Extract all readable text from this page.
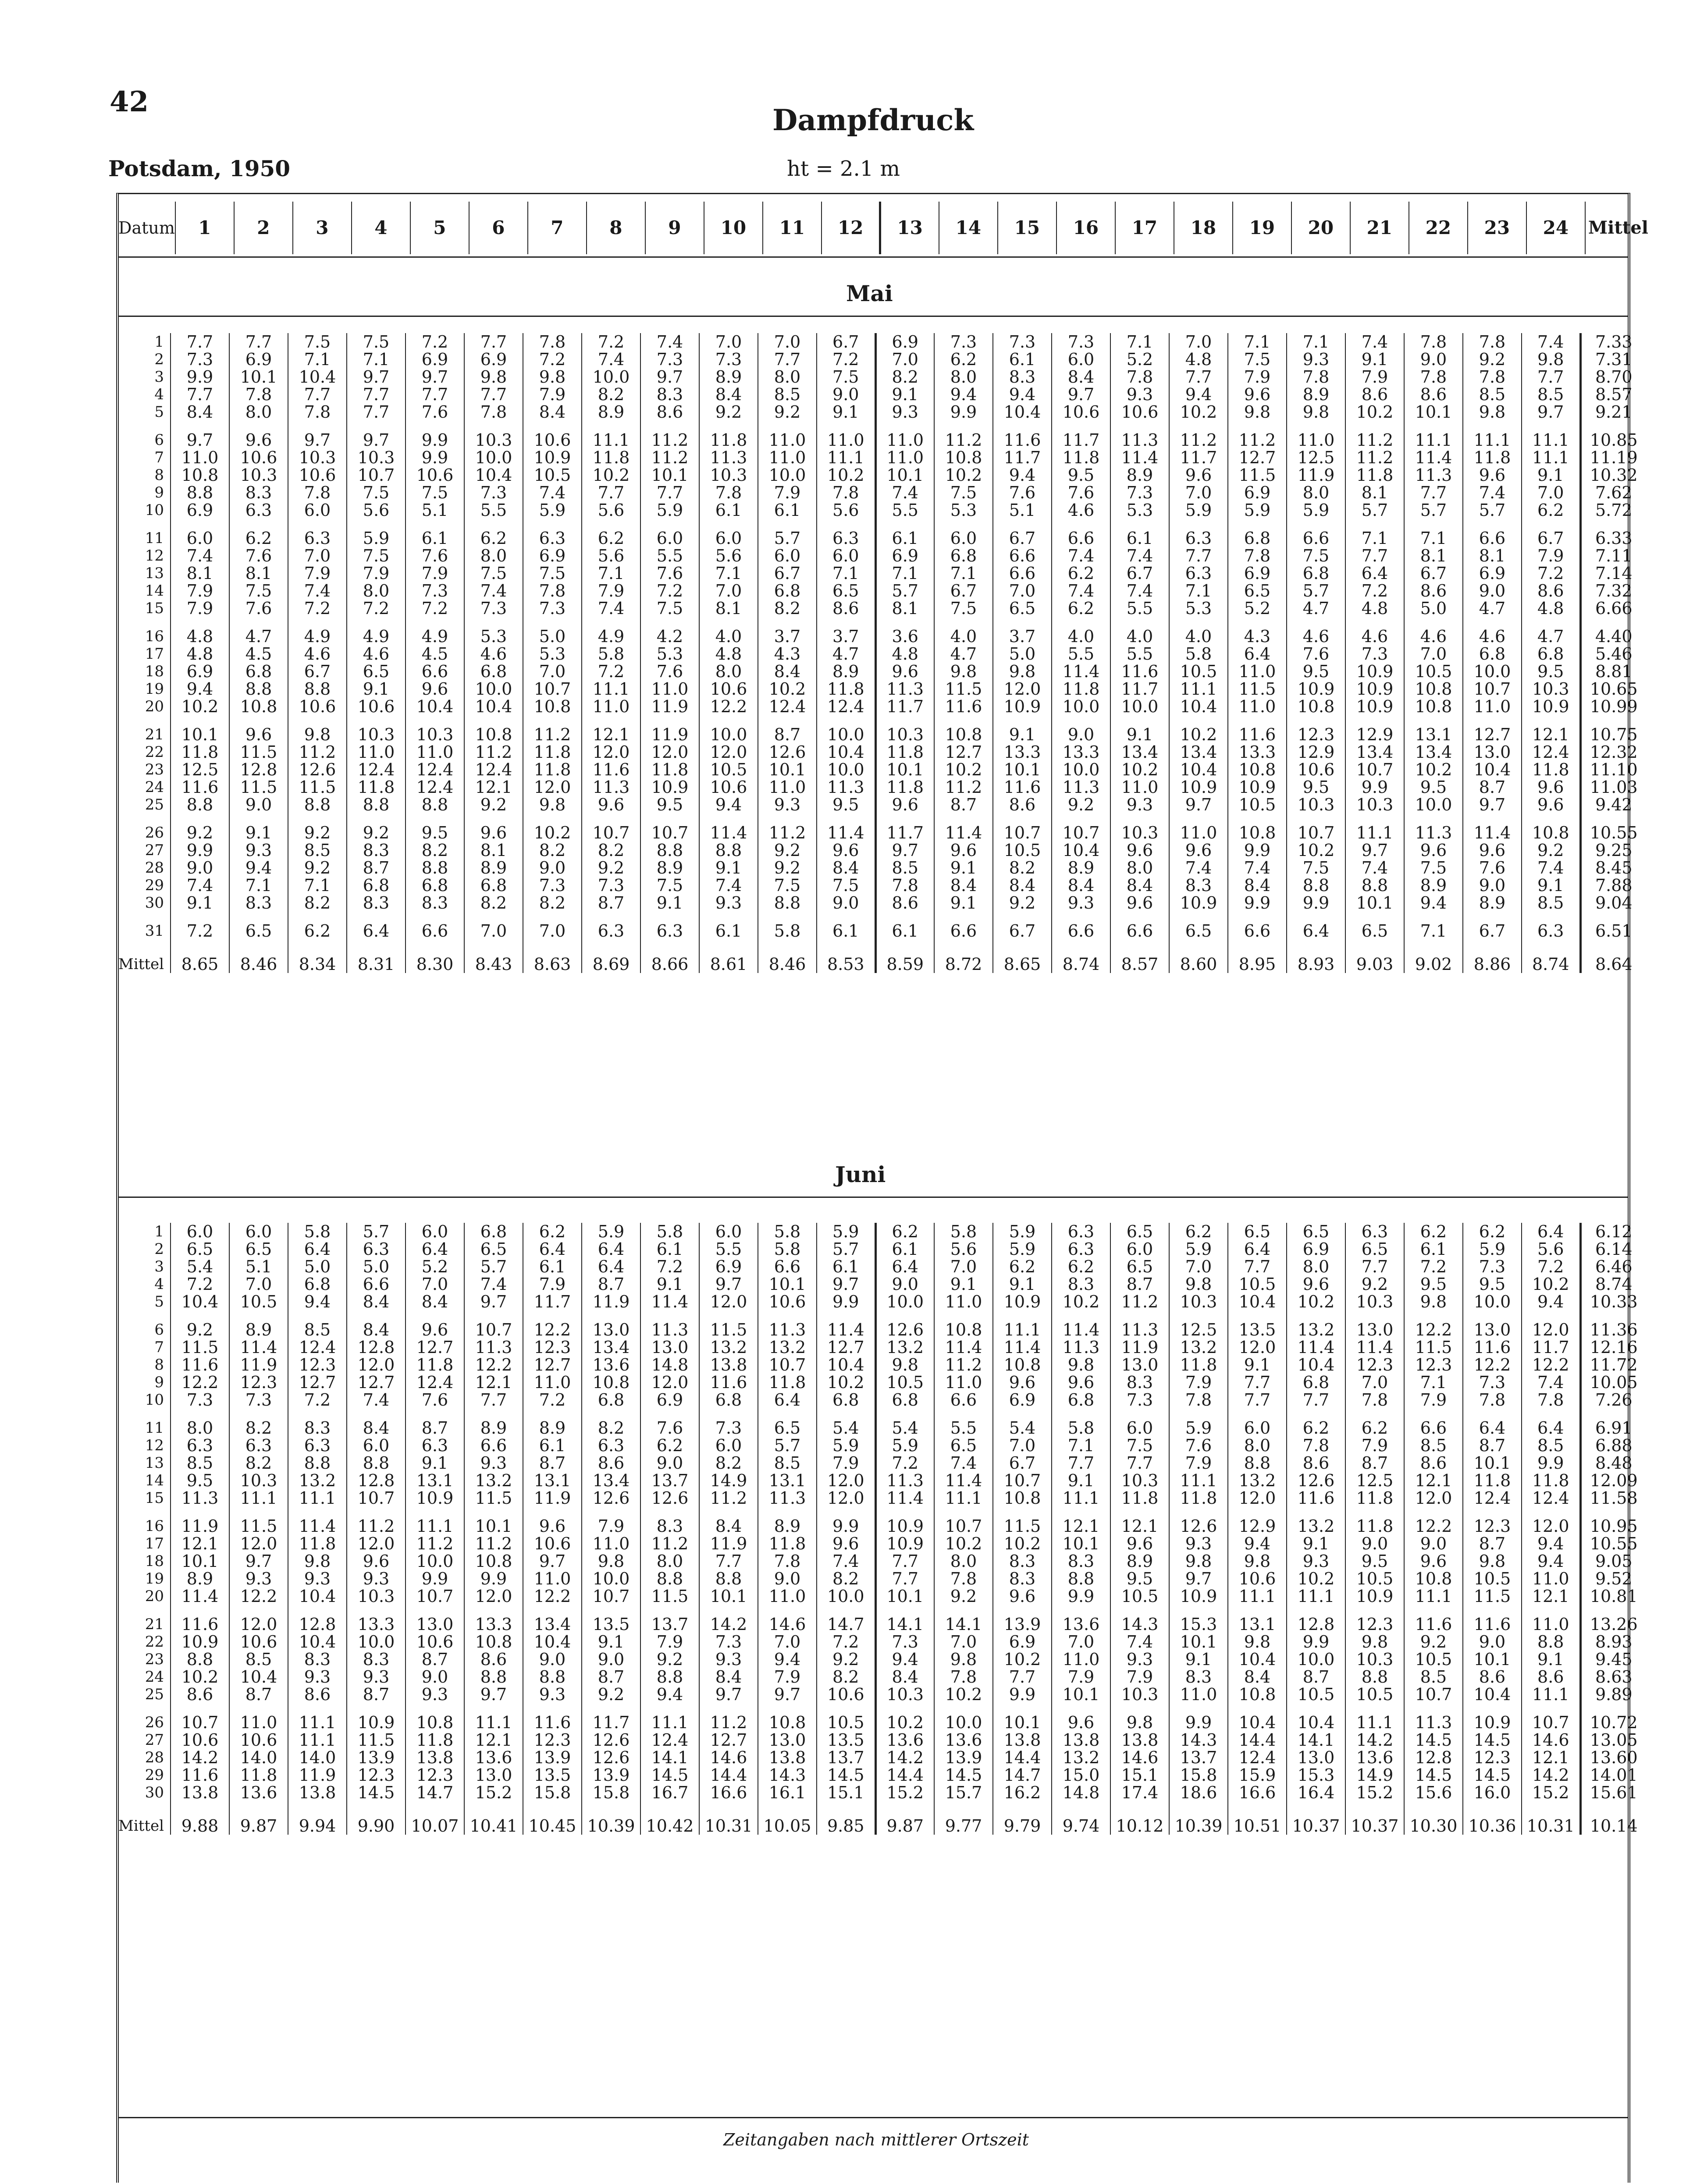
42
Dampfdruck
Potsdam, 1950	ht = 2.1 m
Datum	1	2	3	4	5	6	7	8	9	10	11	12	13	14	15	16	17	18	19	20	21	22	23	24	Mittel
Mai
1	7.7	7.7	7.5	7.5	7.2	7.7	7.8	7.2	7.4	7.0	7.0	6.7	6.9	7.3	7.3	7.3	7.1	7.0	7.1	7.1	7.4	7.8	7.8	7.4	7.33
2	7.3	6.9	7.1	7.1	6.9	6.9	7.2	7.4	7.3	7.3	7.7	7.2	7.0	6.2	6.1	6.0	5.2	4.8	7.5	9.3	9.1	9.0	9.2	9.8	7.31
3	9.9	10.1	10.4	9.7	9.7	9.8	9.8	10.0	9.7	8.9	8.0	7.5	8.2	8.0	8.3	8.4	7.8	7.7	7.9	7.8	7.9	7.8	7.8	7.7	8.70
4	7.7	7.8	7.7	7.7	7.7	7.7	7.9	8.2	8.3	8.4	8.5	9.0	9.1	9.4	9.4	9.7	9.3	9.4	9.6	8.9	8.6	8.6	8.5	8.5	8.57
5	8.4	8.0	7.8	7.7	7.6	7.8	8.4	8.9	8.6	9.2	9.2	9.1	9.3	9.9	10.4	10.6	10.6	10.2	9.8	9.8	10.2	10.1	9.8	9.7	9.21
6	9.7	9.6	9.7	9.7	9.9	10.3	10.6	11.1	11.2	11.8	11.0	11.0	11.0	11.2	11.6	11.7	11.3	11.2	11.2	11.0	11.2	11.1	11.1	11.1	10.85
7	11.0	10.6	10.3	10.3	9.9	10.0	10.9	11.8	11.2	11.3	11.0	11.1	11.0	10.8	11.7	11.8	11.4	11.7	12.7	12.5	11.2	11.4	11.8	11.1	11.19
8	10.8	10.3	10.6	10.7	10.6	10.4	10.5	10.2	10.1	10.3	10.0	10.2	10.1	10.2	9.4	9.5	8.9	9.6	11.5	11.9	11.8	11.3	9.6	9.1	10.32
9	8.8	8.3	7.8	7.5	7.5	7.3	7.4	7.7	7.7	7.8	7.9	7.8	7.4	7.5	7.6	7.6	7.3	7.0	6.9	8.0	8.1	7.7	7.4	7.0	7.62
10	6.9	6.3	6.0	5.6	5.1	5.5	5.9	5.6	5.9	6.1	6.1	5.6	5.5	5.3	5.1	4.6	5.3	5.9	5.9	5.9	5.7	5.7	5.7	6.2	5.72
11	6.0	6.2	6.3	5.9	6.1	6.2	6.3	6.2	6.0	6.0	5.7	6.3	6.1	6.0	6.7	6.6	6.1	6.3	6.8	6.6	7.1	7.1	6.6	6.7	6.33
12	7.4	7.6	7.0	7.5	7.6	8.0	6.9	5.6	5.5	5.6	6.0	6.0	6.9	6.8	6.6	7.4	7.4	7.7	7.8	7.5	7.7	8.1	8.1	7.9	7.11
13	8.1	8.1	7.9	7.9	7.9	7.5	7.5	7.1	7.6	7.1	6.7	7.1	7.1	7.1	6.6	6.2	6.7	6.3	6.9	6.8	6.4	6.7	6.9	7.2	7.14
14	7.9	7.5	7.4	8.0	7.3	7.4	7.8	7.9	7.2	7.0	6.8	6.5	5.7	6.7	7.0	7.4	7.4	7.1	6.5	5.7	7.2	8.6	9.0	8.6	7.32
15	7.9	7.6	7.2	7.2	7.2	7.3	7.3	7.4	7.5	8.1	8.2	8.6	8.1	7.5	6.5	6.2	5.5	5.3	5.2	4.7	4.8	5.0	4.7	4.8	6.66
16	4.8	4.7	4.9	4.9	4.9	5.3	5.0	4.9	4.2	4.0	3.7	3.7	3.6	4.0	3.7	4.0	4.0	4.0	4.3	4.6	4.6	4.6	4.6	4.7	4.40
17	4.8	4.5	4.6	4.6	4.5	4.6	5.3	5.8	5.3	4.8	4.3	4.7	4.8	4.7	5.0	5.5	5.5	5.8	6.4	7.6	7.3	7.0	6.8	6.8	5.46
18	6.9	6.8	6.7	6.5	6.6	6.8	7.0	7.2	7.6	8.0	8.4	8.9	9.6	9.8	9.8	11.4	11.6	10.5	11.0	9.5	10.9	10.5	10.0	9.5	8.81
19	9.4	8.8	8.8	9.1	9.6	10.0	10.7	11.1	11.0	10.6	10.2	11.8	11.3	11.5	12.0	11.8	11.7	11.1	11.5	10.9	10.9	10.8	10.7	10.3	10.65
20	10.2	10.8	10.6	10.6	10.4	10.4	10.8	11.0	11.9	12.2	12.4	12.4	11.7	11.6	10.9	10.0	10.0	10.4	11.0	10.8	10.9	10.8	11.0	10.9	10.99
21	10.1	9.6	9.8	10.3	10.3	10.8	11.2	12.1	11.9	10.0	8.7	10.0	10.3	10.8	9.1	9.0	9.1	10.2	11.6	12.3	12.9	13.1	12.7	12.1	10.75
22	11.8	11.5	11.2	11.0	11.0	11.2	11.8	12.0	12.0	12.0	12.6	10.4	11.8	12.7	13.3	13.3	13.4	13.4	13.3	12.9	13.4	13.4	13.0	12.4	12.32
23	12.5	12.8	12.6	12.4	12.4	12.4	11.8	11.6	11.8	10.5	10.1	10.0	10.1	10.2	10.1	10.0	10.2	10.4	10.8	10.6	10.7	10.2	10.4	11.8	11.10
24	11.6	11.5	11.5	11.8	12.4	12.1	12.0	11.3	10.9	10.6	11.0	11.3	11.8	11.2	11.6	11.3	11.0	10.9	10.9	9.5	9.9	9.5	8.7	9.6	11.03
25	8.8	9.0	8.8	8.8	8.8	9.2	9.8	9.6	9.5	9.4	9.3	9.5	9.6	8.7	8.6	9.2	9.3	9.7	10.5	10.3	10.3	10.0	9.7	9.6	9.42
26	9.2	9.1	9.2	9.2	9.5	9.6	10.2	10.7	10.7	11.4	11.2	11.4	11.7	11.4	10.7	10.7	10.3	11.0	10.8	10.7	11.1	11.3	11.4	10.8	10.55
27	9.9	9.3	8.5	8.3	8.2	8.1	8.2	8.2	8.8	8.8	9.2	9.6	9.7	9.6	10.5	10.4	9.6	9.6	9.9	10.2	9.7	9.6	9.6	9.2	9.25
28	9.0	9.4	9.2	8.7	8.8	8.9	9.0	9.2	8.9	9.1	9.2	8.4	8.5	9.1	8.2	8.9	8.0	7.4	7.4	7.5	7.4	7.5	7.6	7.4	8.45
29	7.4	7.1	7.1	6.8	6.8	6.8	7.3	7.3	7.5	7.4	7.5	7.5	7.8	8.4	8.4	8.4	8.4	8.3	8.4	8.8	8.8	8.9	9.0	9.1	7.88
30	9.1	8.3	8.2	8.3	8.3	8.2	8.2	8.7	9.1	9.3	8.8	9.0	8.6	9.1	9.2	9.3	9.6	10.9	9.9	9.9	10.1	9.4	8.9	8.5	9.04
31	7.2	6.5	6.2	6.4	6.6	7.0	7.0	6.3	6.3	6.1	5.8	6.1	6.1	6.6	6.7	6.6	6.6	6.5	6.6	6.4	6.5	7.1	6.7	6.3	6.51
Mittel	8.65	8.46	8.34	8.31	8.30	8.43	8.63	8.69	8.66	8.61	8.46	8.53	8.59	8.72	8.65	8.74	8.57	8.60	8.95	8.93	9.03	9.02	8.86	8.74	8.64
Juni
1	6.0	6.0	5.8	5.7	6.0	6.8	6.2	5.9	5.8	6.0	5.8	5.9	6.2	5.8	5.9	6.3	6.5	6.2	6.5	6.5	6.3	6.2	6.2	6.4	6.12
2	6.5	6.5	6.4	6.3	6.4	6.5	6.4	6.4	6.1	5.5	5.8	5.7	6.1	5.6	5.9	6.3	6.0	5.9	6.4	6.9	6.5	6.1	5.9	5.6	6.14
3	5.4	5.1	5.0	5.0	5.2	5.7	6.1	6.4	7.2	6.9	6.6	6.1	6.4	7.0	6.2	6.2	6.5	7.0	7.7	8.0	7.7	7.2	7.3	7.2	6.46
4	7.2	7.0	6.8	6.6	7.0	7.4	7.9	8.7	9.1	9.7	10.1	9.7	9.0	9.1	9.1	8.3	8.7	9.8	10.5	9.6	9.2	9.5	9.5	10.2	8.74
5	10.4	10.5	9.4	8.4	8.4	9.7	11.7	11.9	11.4	12.0	10.6	9.9	10.0	11.0	10.9	10.2	11.2	10.3	10.4	10.2	10.3	9.8	10.0	9.4	10.33
6	9.2	8.9	8.5	8.4	9.6	10.7	12.2	13.0	11.3	11.5	11.3	11.4	12.6	10.8	11.1	11.4	11.3	12.5	13.5	13.2	13.0	12.2	13.0	12.0	11.36
7	11.5	11.4	12.4	12.8	12.7	11.3	12.3	13.4	13.0	13.2	13.2	12.7	13.2	11.4	11.4	11.3	11.9	13.2	12.0	11.4	11.4	11.5	11.6	11.7	12.16
8	11.6	11.9	12.3	12.0	11.8	12.2	12.7	13.6	14.8	13.8	10.7	10.4	9.8	11.2	10.8	9.8	13.0	11.8	9.1	10.4	12.3	12.3	12.2	12.2	11.72
9	12.2	12.3	12.7	12.7	12.4	12.1	11.0	10.8	12.0	11.6	11.8	10.2	10.5	11.0	9.6	9.6	8.3	7.9	7.7	6.8	7.0	7.1	7.3	7.4	10.05
10	7.3	7.3	7.2	7.4	7.6	7.7	7.2	6.8	6.9	6.8	6.4	6.8	6.8	6.6	6.9	6.8	7.3	7.8	7.7	7.7	7.8	7.9	7.8	7.8	7.26
11	8.0	8.2	8.3	8.4	8.7	8.9	8.9	8.2	7.6	7.3	6.5	5.4	5.4	5.5	5.4	5.8	6.0	5.9	6.0	6.2	6.2	6.6	6.4	6.4	6.91
12	6.3	6.3	6.3	6.0	6.3	6.6	6.1	6.3	6.2	6.0	5.7	5.9	5.9	6.5	7.0	7.1	7.5	7.6	8.0	7.8	7.9	8.5	8.7	8.5	6.88
13	8.5	8.2	8.8	8.8	9.1	9.3	8.7	8.6	9.0	8.2	8.5	7.9	7.2	7.4	6.7	7.7	7.7	7.9	8.8	8.6	8.7	8.6	10.1	9.9	8.48
14	9.5	10.3	13.2	12.8	13.1	13.2	13.1	13.4	13.7	14.9	13.1	12.0	11.3	11.4	10.7	9.1	10.3	11.1	13.2	12.6	12.5	12.1	11.8	11.8	12.09
15	11.3	11.1	11.1	10.7	10.9	11.5	11.9	12.6	12.6	11.2	11.3	12.0	11.4	11.1	10.8	11.1	11.8	11.8	12.0	11.6	11.8	12.0	12.4	12.4	11.58
16	11.9	11.5	11.4	11.2	11.1	10.1	9.6	7.9	8.3	8.4	8.9	9.9	10.9	10.7	11.5	12.1	12.1	12.6	12.9	13.2	11.8	12.2	12.3	12.0	10.95
17	12.1	12.0	11.8	12.0	11.2	11.2	10.6	11.0	11.2	11.9	11.8	9.6	10.9	10.2	10.2	10.1	9.6	9.3	9.4	9.1	9.0	9.0	8.7	9.4	10.55
18	10.1	9.7	9.8	9.6	10.0	10.8	9.7	9.8	8.0	7.7	7.8	7.4	7.7	8.0	8.3	8.3	8.9	9.8	9.8	9.3	9.5	9.6	9.8	9.4	9.05
19	8.9	9.3	9.3	9.3	9.9	9.9	11.0	10.0	8.8	8.8	9.0	8.2	7.7	7.8	8.3	8.8	9.5	9.7	10.6	10.2	10.5	10.8	10.5	11.0	9.52
20	11.4	12.2	10.4	10.3	10.7	12.0	12.2	10.7	11.5	10.1	11.0	10.0	10.1	9.2	9.6	9.9	10.5	10.9	11.1	11.1	10.9	11.1	11.5	12.1	10.81
21	11.6	12.0	12.8	13.3	13.0	13.3	13.4	13.5	13.7	14.2	14.6	14.7	14.1	14.1	13.9	13.6	14.3	15.3	13.1	12.8	12.3	11.6	11.6	11.0	13.26
22	10.9	10.6	10.4	10.0	10.6	10.8	10.4	9.1	7.9	7.3	7.0	7.2	7.3	7.0	6.9	7.0	7.4	10.1	9.8	9.9	9.8	9.2	9.0	8.8	8.93
23	8.8	8.5	8.3	8.3	8.7	8.6	9.0	9.0	9.2	9.3	9.4	9.2	9.4	9.8	10.2	11.0	9.3	9.1	10.4	10.0	10.3	10.5	10.1	9.1	9.45
24	10.2	10.4	9.3	9.3	9.0	8.8	8.8	8.7	8.8	8.4	7.9	8.2	8.4	7.8	7.7	7.9	7.9	8.3	8.4	8.7	8.8	8.5	8.6	8.6	8.63
25	8.6	8.7	8.6	8.7	9.3	9.7	9.3	9.2	9.4	9.7	9.7	10.6	10.3	10.2	9.9	10.1	10.3	11.0	10.8	10.5	10.5	10.7	10.4	11.1	9.89
26	10.7	11.0	11.1	10.9	10.8	11.1	11.6	11.7	11.1	11.2	10.8	10.5	10.2	10.0	10.1	9.6	9.8	9.9	10.4	10.4	11.1	11.3	10.9	10.7	10.72
27	10.6	10.6	11.1	11.5	11.8	12.1	12.3	12.6	12.4	12.7	13.0	13.5	13.6	13.6	13.8	13.8	13.8	14.3	14.4	14.1	14.2	14.5	14.5	14.6	13.05
28	14.2	14.0	14.0	13.9	13.8	13.6	13.9	12.6	14.1	14.6	13.8	13.7	14.2	13.9	14.4	13.2	14.6	13.7	12.4	13.0	13.6	12.8	12.3	12.1	13.60
29	11.6	11.8	11.9	12.3	12.3	13.0	13.5	13.9	14.5	14.4	14.3	14.5	14.4	14.5	14.7	15.0	15.1	15.8	15.9	15.3	14.9	14.5	14.5	14.2	14.01
30	13.8	13.6	13.8	14.5	14.7	15.2	15.8	15.8	16.7	16.6	16.1	15.1	15.2	15.7	16.2	14.8	17.4	18.6	16.6	16.4	15.2	15.6	16.0	15.2	15.61
Mittel	9.88	9.87	9.94	9.90	10.07	10.41	10.45	10.39	10.42	10.31	10.05	9.85	9.87	9.77	9.79	9.74	10.12	10.39	10.51	10.37	10.37	10.30	10.36	10.31	10.14
Zeitangaben nach mittlerer Ortszeit
